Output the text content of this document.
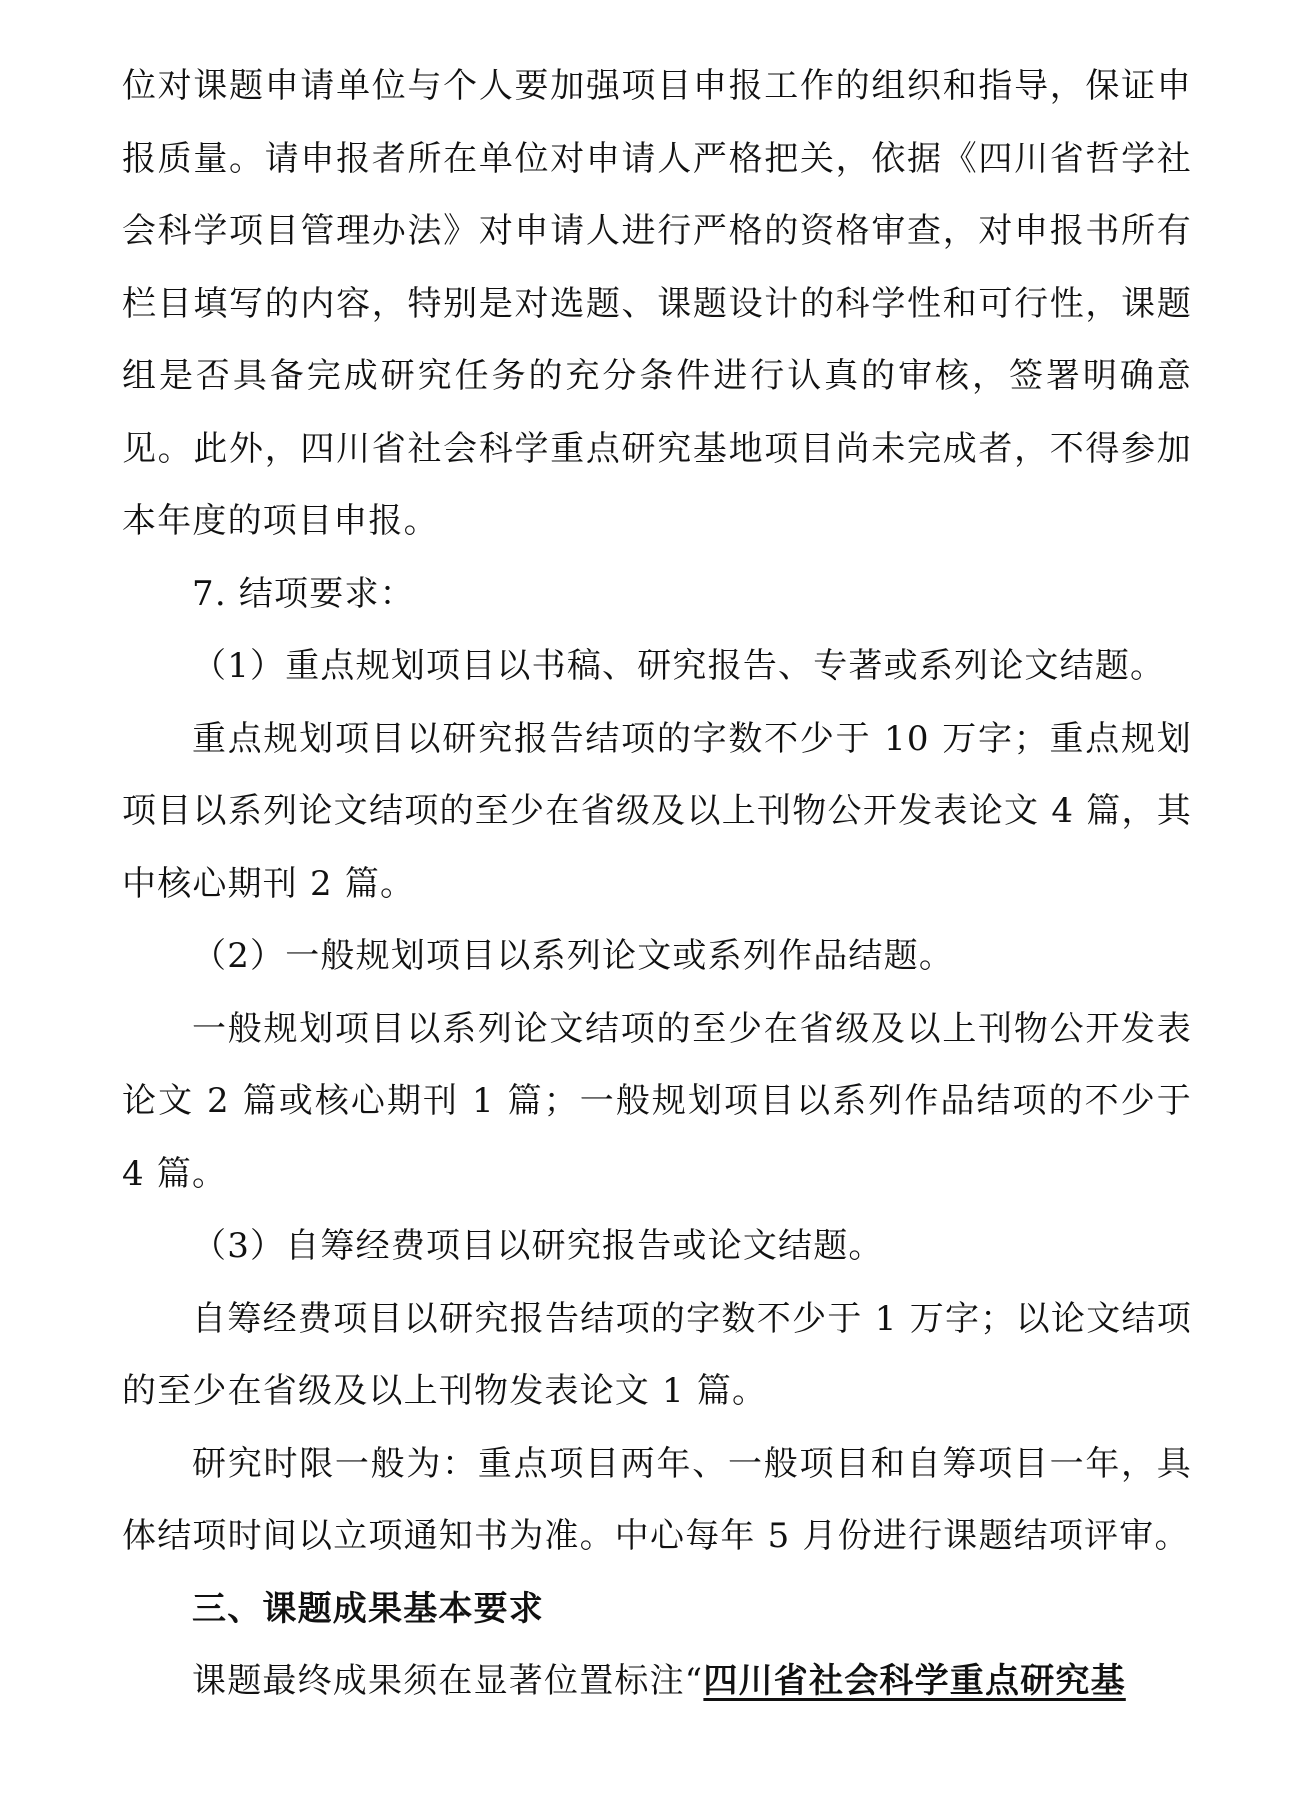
位对课题申请单位与个人要加强项目申报工作的组织和指导，保证申报质量。请申报者所在单位对申请人严格把关，依据《四川省哲学社会科学项目管理办法》对申请人进行严格的资格审查，对申报书所有栏目填写的内容，特别是对选题、课题设计的科学性和可行性，课题组是否具备完成研究任务的充分条件进行认真的审核，签署明确意见。此外，四川省社会科学重点研究基地项目尚未完成者，不得参加本年度的项目申报。

7. 结项要求：

（1）重点规划项目以书稿、研究报告、专著或系列论文结题。

重点规划项目以研究报告结项的字数不少于 10 万字；重点规划项目以系列论文结项的至少在省级及以上刊物公开发表论文 4 篇，其中核心期刊 2 篇。

（2）一般规划项目以系列论文或系列作品结题。

一般规划项目以系列论文结项的至少在省级及以上刊物公开发表论文 2 篇或核心期刊 1 篇；一般规划项目以系列作品结项的不少于 4 篇。

（3）自筹经费项目以研究报告或论文结题。

自筹经费项目以研究报告结项的字数不少于 1 万字；以论文结项的至少在省级及以上刊物发表论文 1 篇。

研究时限一般为：重点项目两年、一般项目和自筹项目一年，具体结项时间以立项通知书为准。中心每年 5 月份进行课题结项评审。

三、课题成果基本要求

课题最终成果须在显著位置标注“四川省社会科学重点研究基
